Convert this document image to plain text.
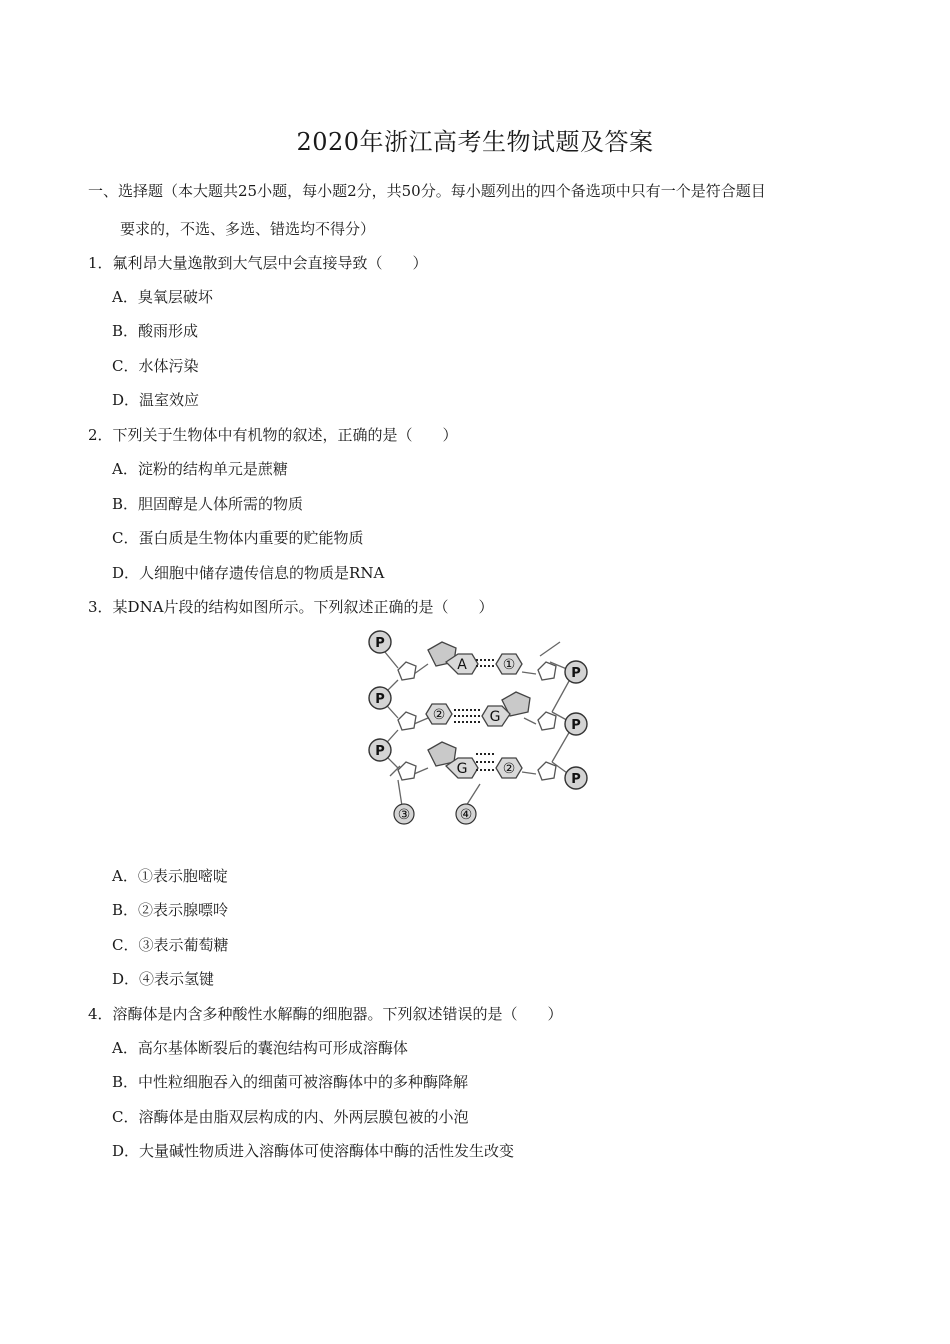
2020年浙江高考生物试题及答案
一、选择题（本大题共25小题，每小题2分，共50分。每小题列出的四个备选项中只有一个是符合题目
要求的，不选、多选、错选均不得分）
1．氟利昂大量逸散到大气层中会直接导致（　　）
A．臭氧层破坏
B．酸雨形成
C．水体污染
D．温室效应
2．下列关于生物体中有机物的叙述，正确的是（　　）
A．淀粉的结构单元是蔗糖
B．胆固醇是人体所需的物质
C．蛋白质是生物体内重要的贮能物质
D．人细胞中储存遗传信息的物质是RNA
3．某DNA片段的结构如图所示。下列叙述正确的是（　　）
P
P
P
P
P
P
A	①
②	G
G	②
③	④
A．①表示胞嘧啶
B．②表示腺嘌呤
C．③表示葡萄糖
D．④表示氢键
4．溶酶体是内含多种酸性水解酶的细胞器。下列叙述错误的是（　　）
A．高尔基体断裂后的囊泡结构可形成溶酶体
B．中性粒细胞吞入的细菌可被溶酶体中的多种酶降解
C．溶酶体是由脂双层构成的内、外两层膜包被的小泡
D．大量碱性物质进入溶酶体可使溶酶体中酶的活性发生改变
